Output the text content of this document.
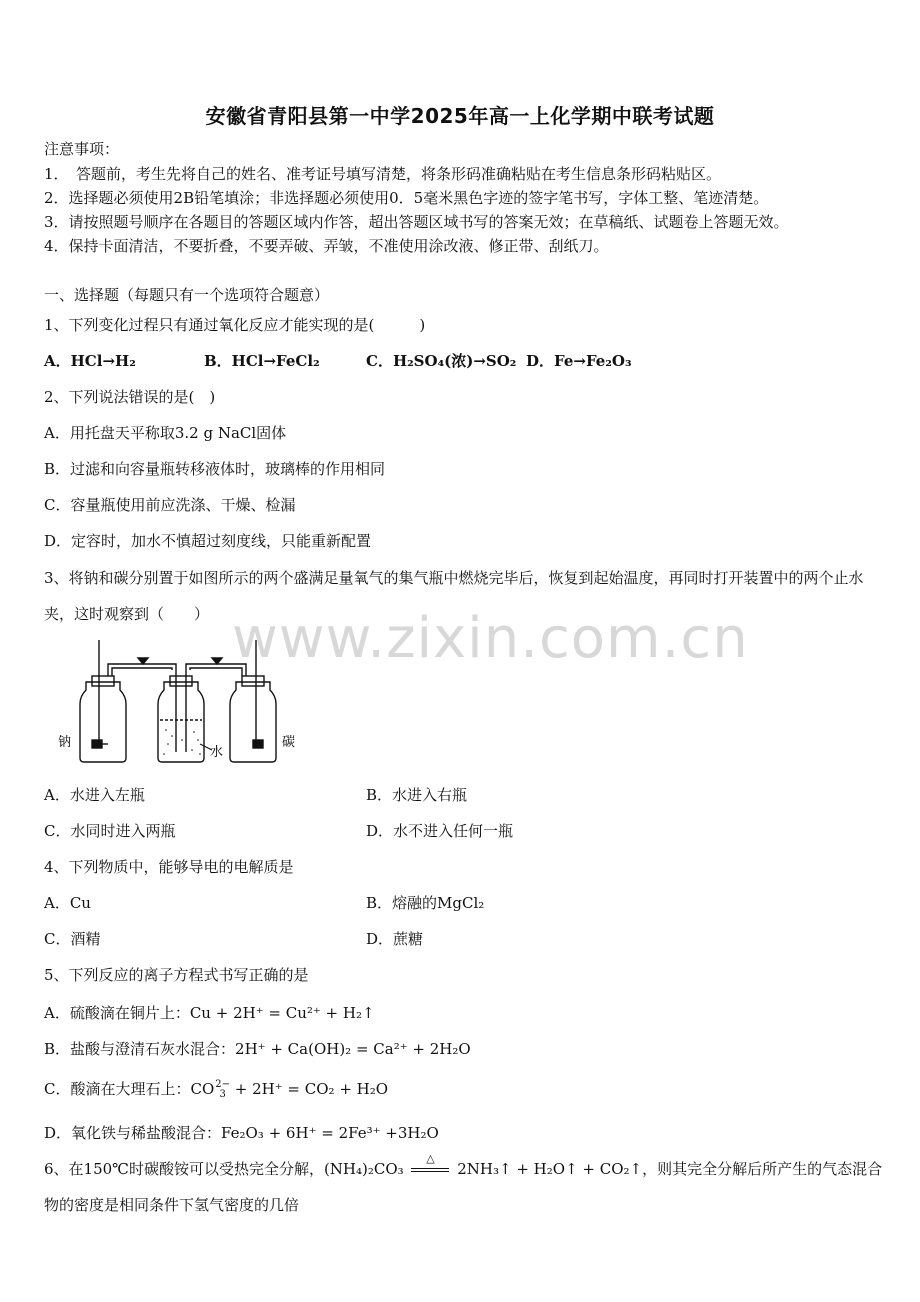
安徽省青阳县第一中学2025年高一上化学期中联考试题
注意事项：
1．　答题前，考生先将自己的姓名、准考证号填写清楚，将条形码准确粘贴在考生信息条形码粘贴区。
2．选择题必须使用2B铅笔填涂；非选择题必须使用0．5毫米黑色字迹的签字笔书写，字体工整、笔迹清楚。
3．请按照题号顺序在各题目的答题区域内作答，超出答题区域书写的答案无效；在草稿纸、试题卷上答题无效。
4．保持卡面清洁，不要折叠，不要弄破、弄皱，不准使用涂改液、修正带、刮纸刀。
一、选择题（每题只有一个选项符合题意）
1、下列变化过程只有通过氧化反应才能实现的是(　　　)
A．HCl→H₂	B．HCl→FeCl₂	C．H₂SO₄(浓)→SO₂ D．Fe→Fe₂O₃
2、下列说法错误的是(　)
A．用托盘天平称取3.2 g NaCl固体
B．过滤和向容量瓶转移液体时，玻璃棒的作用相同
C．容量瓶使用前应洗涤、干燥、检漏
D．定容时，加水不慎超过刻度线，只能重新配置
3、将钠和碳分别置于如图所示的两个盛满足量氧气的集气瓶中燃烧完毕后，恢复到起始温度，再同时打开装置中的两个止水夹，这时观察到（　　）
钠
水
碳
A．水进入左瓶	B．水进入右瓶
C．水同时进入两瓶	D．水不进入任何一瓶
4、下列物质中，能够导电的电解质是
A．Cu	B．熔融的MgCl₂
C．酒精	D．蔗糖
5、下列反应的离子方程式书写正确的是
A．硫酸滴在铜片上：Cu + 2H⁺ = Cu²⁺ + H₂↑
B．盐酸与澄清石灰水混合：2H⁺ + Ca(OH)₂ = Ca²⁺ + 2H₂O
C．酸滴在大理石上：CO2−
3 + 2H⁺ = CO₂ + H₂O
D．氧化铁与稀盐酸混合：Fe₂O₃ + 6H⁺ = 2Fe³⁺ +3H₂O
6、在150℃时碳酸铵可以受热完全分解，(NH₄)₂CO₃
△
2NH₃↑ + H₂O↑ + CO₂↑，则其完全分解后所产生的气态混合
物的密度是相同条件下氢气密度的几倍
www.zixin.com.cn
